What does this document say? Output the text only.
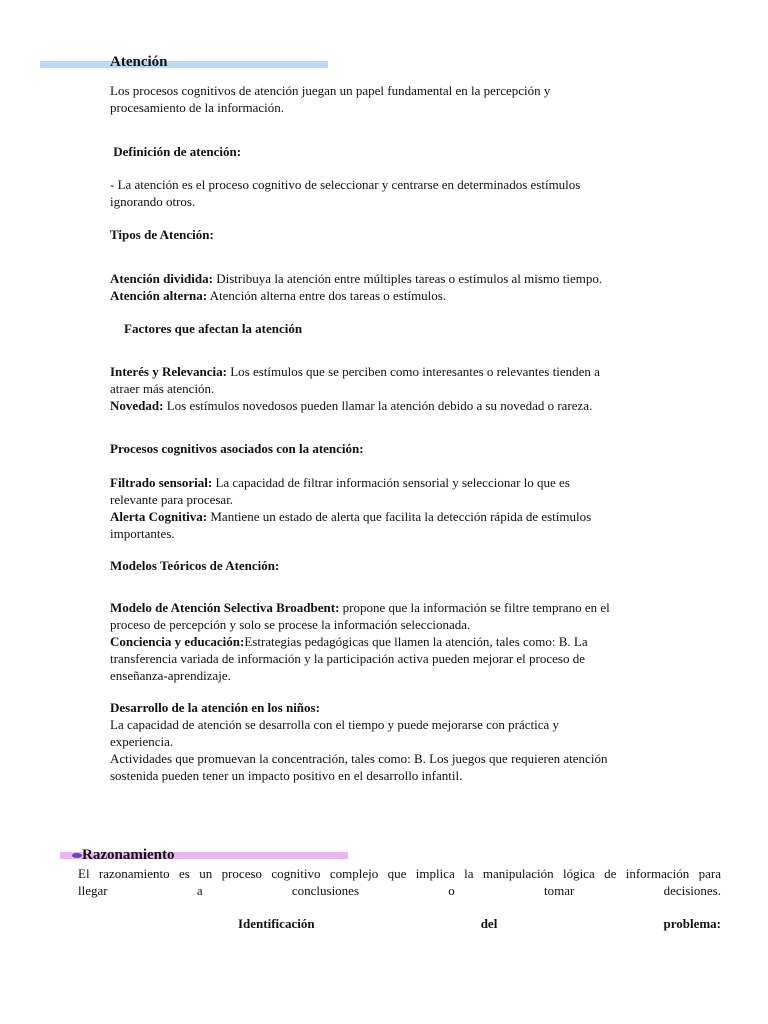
Atención

Los procesos cognitivos de atención juegan un papel fundamental en la percepción y
procesamiento de la información.

Definición de atención:

- La atención es el proceso cognitivo de seleccionar y centrarse en determinados estímulos
ignorando otros.

Tipos de Atención:

Atención dividida: Distribuya la atención entre múltiples tareas o estímulos al mismo tiempo.
Atención alterna: Atención alterna entre dos tareas o estímulos.

Factores que afectan la atención

Interés y Relevancia: Los estímulos que se perciben como interesantes o relevantes tienden a
atraer más atención.
Novedad: Los estímulos novedosos pueden llamar la atención debido a su novedad o rareza.

Procesos cognitivos asociados con la atención:

Filtrado sensorial: La capacidad de filtrar información sensorial y seleccionar lo que es
relevante para procesar.
Alerta Cognitiva: Mantiene un estado de alerta que facilita la detección rápida de estímulos
importantes.

Modelos Teóricos de Atención:

Modelo de Atención Selectiva Broadbent: propone que la información se filtre temprano en el
proceso de percepción y solo se procese la información seleccionada.
Conciencia y educación:Estrategias pedagógicas que llamen la atención, tales como: B. La
transferencia variada de información y la participación activa pueden mejorar el proceso de
enseñanza-aprendizaje.

Desarrollo de la atención en los niños:

La capacidad de atención se desarrolla con el tiempo y puede mejorarse con práctica y
experiencia.
Actividades que promuevan la concentración, tales como: B. Los juegos que requieren atención
sostenida pueden tener un impacto positivo en el desarrollo infantil.

Razonamiento

El razonamiento es un proceso cognitivo complejo que implica la manipulación lógica de información para
llegar a conclusiones o tomar decisiones.

Identificación del problema:
